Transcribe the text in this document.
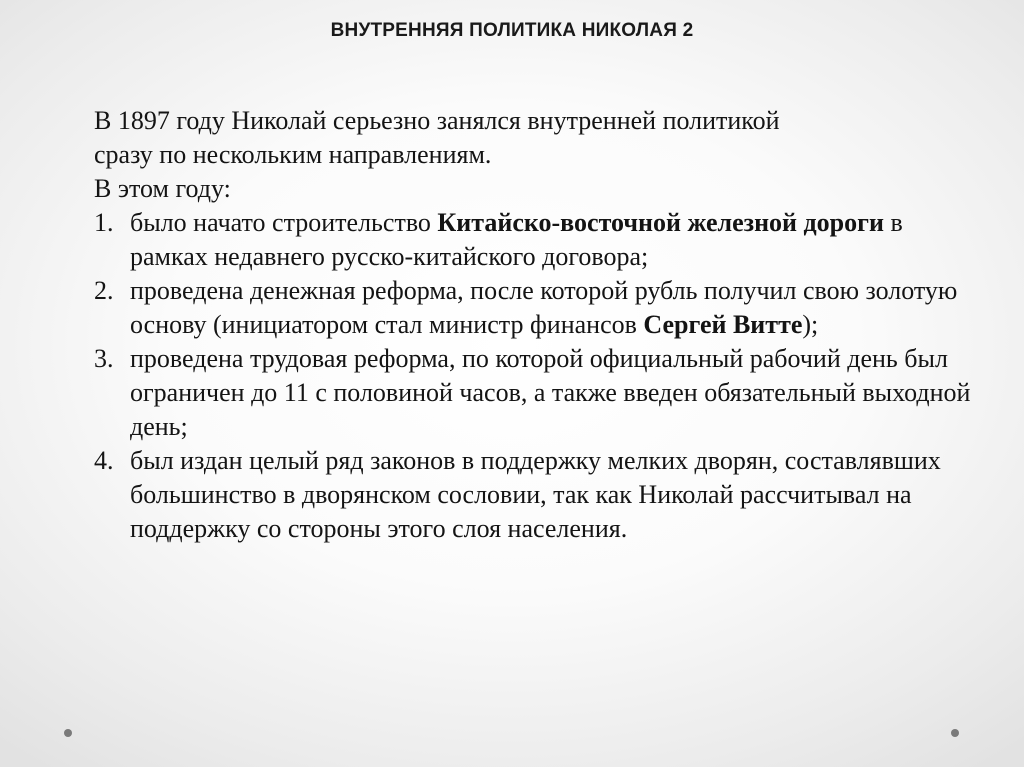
ВНУТРЕННЯЯ ПОЛИТИКА НИКОЛАЯ 2

В 1897 году Николай серьезно занялся внутренней политикой

сразу по нескольким направлениям.

В этом году:

1. было начато строительство Китайско-восточной железной дороги в рамках недавнего русско-китайского договора;
2. проведена денежная реформа, после которой рубль получил свою золотую основу (инициатором стал министр финансов Сергей Витте);
3. проведена трудовая реформа, по которой официальный рабочий день был ограничен до 11 с половиной часов, а также введен обязательный выходной день;
4. был издан целый ряд законов в поддержку мелких дворян, составлявших большинство в дворянском сословии, так как Николай рассчитывал на поддержку со стороны этого слоя населения.
